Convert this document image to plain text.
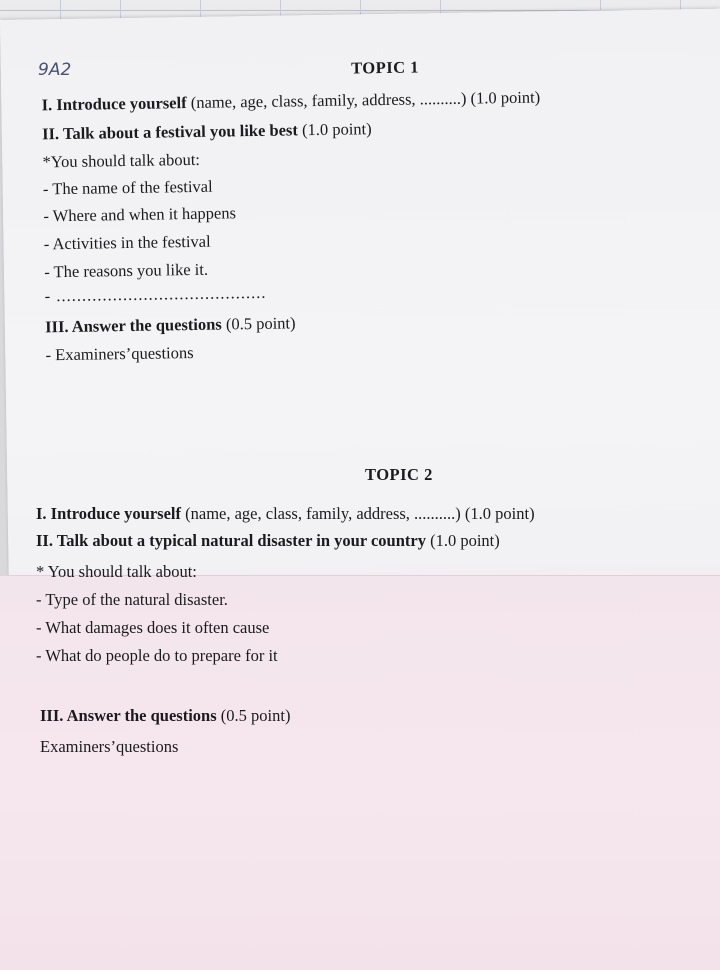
9A2	TOPIC 1
I. Introduce yourself (name, age, class, family, address, ..........) (1.0 point)
II. Talk about a festival you like best (1.0 point)
*You should talk about:
- The name of the festival
- Where and when it happens
- Activities in the festival
- The reasons you like it.
- .........................................
III. Answer the questions (0.5 point)
- Examiners’questions
TOPIC 2
I. Introduce yourself (name, age, class, family, address, ..........) (1.0 point)
II. Talk about a typical natural disaster in your country (1.0 point)
* You should talk about:
- Type of the natural disaster.
- What damages does it often cause
- What do people do to prepare for it
III. Answer the questions (0.5 point)
Examiners’questions
